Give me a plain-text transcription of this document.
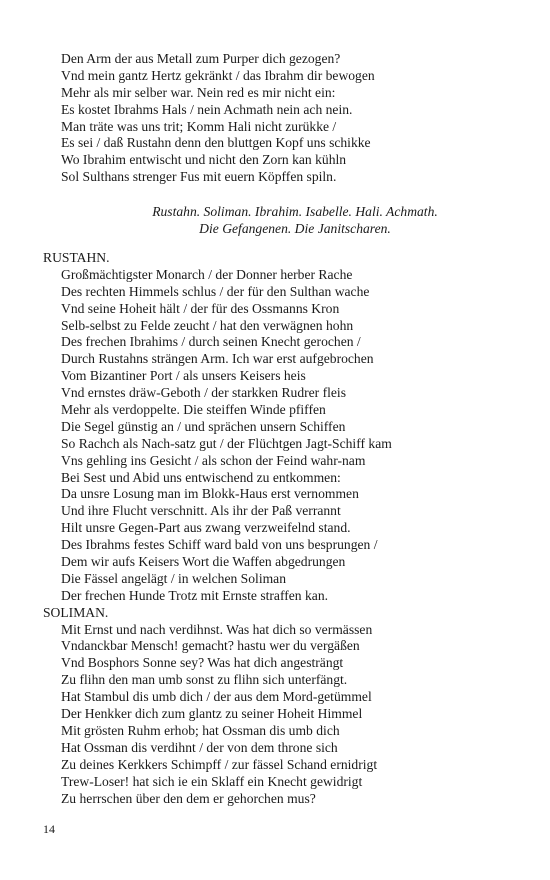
Den Arm der aus Metall zum Purper dich gezogen?
Vnd mein gantz Hertz gekränkt / das Ibrahm dir bewogen
Mehr als mir selber war. Nein red es mir nicht ein:
Es kostet Ibrahms Hals / nein Achmath nein ach nein.
Man träte was uns trit; Komm Hali nicht zurükke /
Es sei / daß Rustahn denn den bluttgen Kopf uns schikke
Wo Ibrahim entwischt und nicht den Zorn kan kühln
Sol Sulthans strenger Fus mit euern Köpffen spiln.
Rustahn. Soliman. Ibrahim. Isabelle. Hali. Achmath.
Die Gefangenen. Die Janitscharen.
RUSTAHN.
Großmächtigster Monarch / der Donner herber Rache
Des rechten Himmels schlus / der für den Sulthan wache
Vnd seine Hoheit hält / der für des Ossmanns Kron
Selb-selbst zu Felde zeucht / hat den verwägnen hohn
Des frechen Ibrahims / durch seinen Knecht gerochen /
Durch Rustahns strängen Arm. Ich war erst aufgebrochen
Vom Bizantiner Port / als unsers Keisers heis
Vnd ernstes dräw-Geboth / der starkken Rudrer fleis
Mehr als verdoppelte. Die steiffen Winde pfiffen
Die Segel günstig an / und sprächen unsern Schiffen
So Rachch als Nach-satz gut / der Flüchtgen Jagt-Schiff kam
Vns gehling ins Gesicht / als schon der Feind wahr-nam
Bei Sest und Abid uns entwischend zu entkommen:
Da unsre Losung man im Blokk-Haus erst vernommen
Und ihre Flucht verschnitt. Als ihr der Paß verrannt
Hilt unsre Gegen-Part aus zwang verzweifelnd stand.
Des Ibrahms festes Schiff ward bald von uns besprungen /
Dem wir aufs Keisers Wort die Waffen abgedrungen
Die Fässel angelägt / in welchen Soliman
Der frechen Hunde Trotz mit Ernste straffen kan.
SOLIMAN.
Mit Ernst und nach verdihnst. Was hat dich so vermässen
Vndanckbar Mensch! gemacht? hastu wer du vergäßen
Vnd Bosphors Sonne sey? Was hat dich angesträngt
Zu flihn den man umb sonst zu flihn sich unterfängt.
Hat Stambul dis umb dich / der aus dem Mord-getümmel
Der Henkker dich zum glantz zu seiner Hoheit Himmel
Mit grösten Ruhm erhob; hat Ossman dis umb dich
Hat Ossman dis verdihnt / der von dem throne sich
Zu deines Kerkkers Schimpff / zur fässel Schand ernidrigt
Trew-Loser! hat sich ie ein Sklaff ein Knecht gewidrigt
Zu herrschen über den dem er gehorchen mus?
14
